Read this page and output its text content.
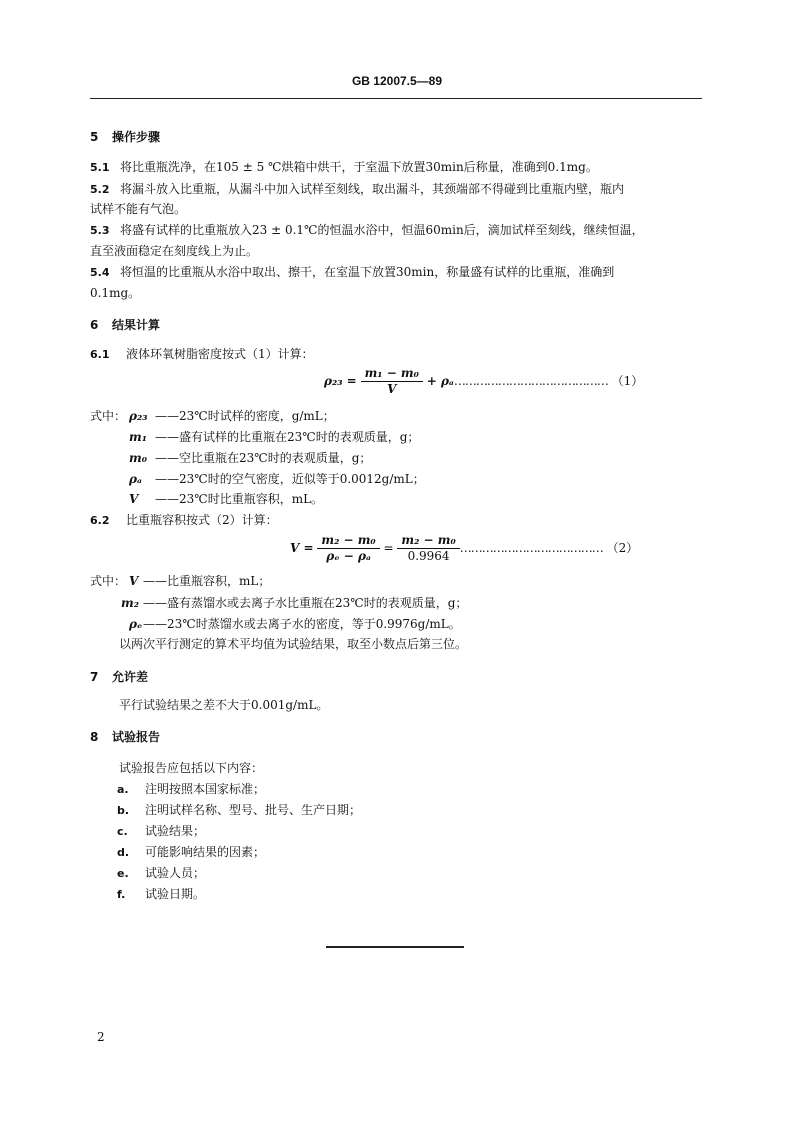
GB 12007.5—89
5 操作步骤
5.1 将比重瓶洗净，在105 ± 5 ℃烘箱中烘干，于室温下放置30min后称量，准确到0.1mg。
5.2 将漏斗放入比重瓶，从漏斗中加入试样至刻线，取出漏斗，其颈端部不得碰到比重瓶内壁，瓶内
试样不能有气泡。
5.3 将盛有试样的比重瓶放入23 ± 0.1℃的恒温水浴中，恒温60min后，滴加试样至刻线，继续恒温，
直至液面稳定在刻度线上为止。
5.4 将恒温的比重瓶从水浴中取出、擦干，在室温下放置30min，称量盛有试样的比重瓶，准确到
0.1mg。
6 结果计算
6.1 液体环氧树脂密度按式（1）计算：
$\rho_{23} = \frac{\text{m₁ − m₀}}{V}$ + ρₐ…………………………………… （1）
式中： ρ₂₃ ——23℃时试样的密度，g/mL；
m₁ ——盛有试样的比重瓶在23℃时的表观质量，g；
m₀ ——空比重瓶在23℃时的表观质量，g；
ρₐ ——23℃时的空气密度，近似等于0.0012g/mL；
V ——23℃时比重瓶容积，mL。
6.2 比重瓶容积按式（2）计算：
$V = \frac{\text{m₂ − m₀}}{\text{ρₑ − ρₐ}} = \frac{\text{m₂ − m₀}}{0.9964}$ ………………………………… （2）
式中： V ——比重瓶容积，mL；
m₂ ——盛有蒸馏水或去离子水比重瓶在23℃时的表观质量，g；
ρₑ——23℃时蒸馏水或去离子水的密度，等于0.9976g/mL。
以两次平行测定的算术平均值为试验结果，取至小数点后第三位。
7 允许差
平行试验结果之差不大于0.001g/mL。
8 试验报告
试验报告应包括以下内容：
a. 注明按照本国家标准；
b. 注明试样名称、型号、批号、生产日期；
c. 试验结果；
d. 可能影响结果的因素；
e. 试验人员；
f. 试验日期。
2
